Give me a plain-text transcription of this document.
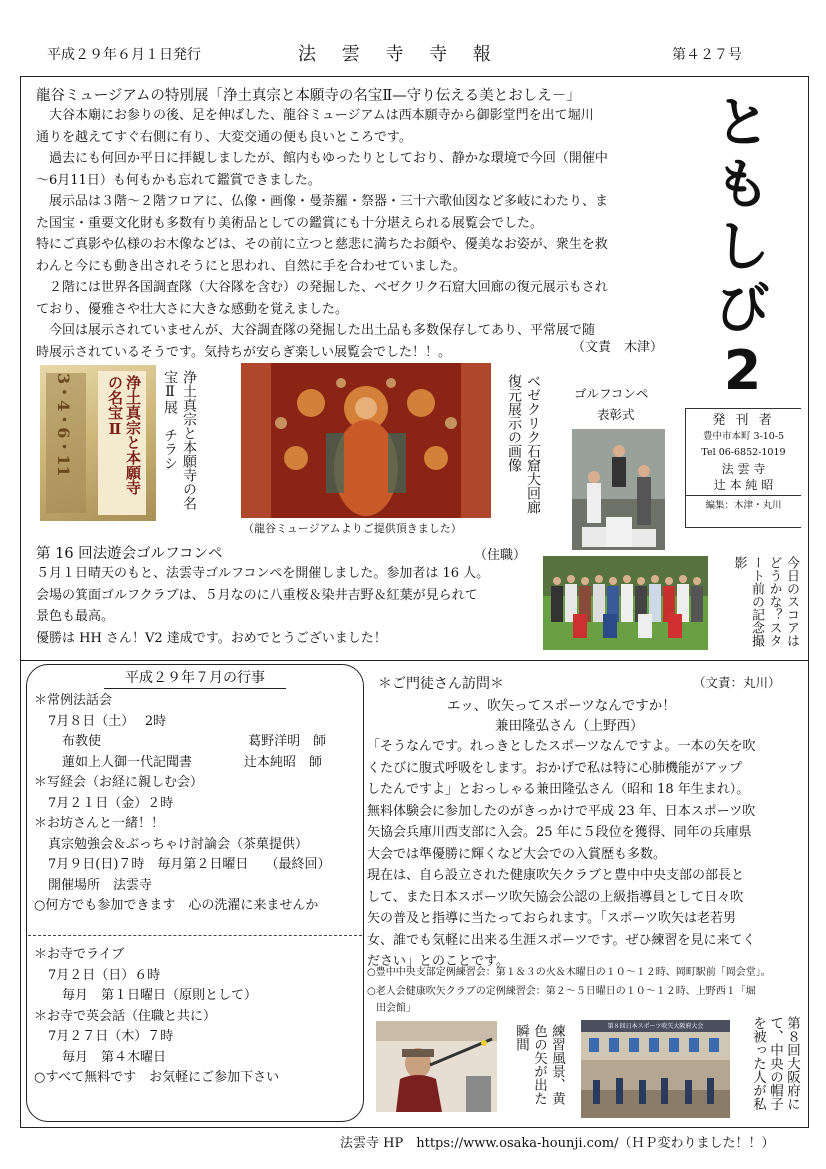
平成２９年６月１日発行	法 雲 寺 寺 報	第４２７号
と
も
し
び
2
発 刊 者
豊中市本町 3-10-5
Tel 06-6852-1019
法 雲 寺
辻 本 純 昭
編集：木津・丸川
龍谷ミュージアムの特別展「浄土真宗と本願寺の名宝Ⅱ—守り伝える美とおしえ－」
　大谷本廟にお参りの後、足を伸ばした、龍谷ミュージアムは西本願寺から御影堂門を出て堀川
通りを越えてすぐ右側に有り、大変交通の便も良いところです。
　過去にも何回か平日に拝観しましたが、館内もゆったりとしており、静かな環境で今回（開催中
～6月11日）も何もかも忘れて鑑賞できました。
　展示品は３階～２階フロアに、仏像・画像・曼荼羅・祭器・三十六歌仙図など多岐にわたり、ま
た国宝・重要文化財も多数有り美術品としての鑑賞にも十分堪えられる展覧会でした。
特にご真影や仏様のお木像などは、その前に立つと慈悲に満ちたお顔や、優美なお姿が、衆生を救
わんと今にも動き出されそうにと思われ、自然に手を合わせていました。
　２階には世界各国調査隊（大谷隊を含む）の発掘した、ベゼクリク石窟大回廊の復元展示もされ
ており、優雅さや壮大さに大きな感動を覚えました。
　今回は展示されていませんが、大谷調査隊の発掘した出土品も多数保存してあり、平常展で随
時展示されているそうです。気持ちが安らぎ楽しい展覧会でした！！。	（文責　木津）
3・4・6・11	浄土真宗と本願寺の名宝Ⅱ	浄土真宗と本願寺の名宝Ⅱ展　チラシ
（龍谷ミュージアムよりご提供頂きました）
ベゼクリク石窟大回廊復元展示の画像	ゴルフコンペ
表彰式
第 16 回法遊会ゴルフコンペ	（住職）
５月１日晴天のもと、法雲寺ゴルフコンペを開催しました。参加者は 16 人。
会場の箕面ゴルフクラブは、５月なのに八重桜＆染井吉野＆紅葉が見られて
景色も最高。
優勝は HH さん！V2 達成です。おめでとうございました！	今日のスコアはどうかな？スタート前の記念撮影
平成２９年７月の行事
＊常例法話会
7月８日（土）　 2時
布教使　　　　　　　　　　　 葛野洋明　師
蓮如上人御一代記聞書　　　　辻本純昭　師
＊写経会（お経に親しむ会）
7月２１日（金）２時
＊お坊さんと一緒！！
真宗勉強会＆ぶっちゃけ討論会（茶菓提供）
7月９日(日)７時　毎月第２日曜日　 （最終回）
開催場所　法雲寺
○何方でも参加できます　心の洗濯に来ませんか
＊お寺でライブ
7月２日（日）６時
毎月　第１日曜日（原則として）
＊お寺で英会話（住職と共に）
7月２７日（木）７時
毎月　第４木曜日
○すべて無料です　お気軽にご参加下さい
＊ご門徒さん訪問＊	（文責：丸川）
エッ、吹矢ってスポーツなんですか！
兼田隆弘さん（上野西）
「そうなんです。れっきとしたスポーツなんですよ。一本の矢を吹
くたびに腹式呼吸をします。おかげで私は特に心肺機能がアップ
したんですよ」とおっしゃる兼田隆弘さん（昭和 18 年生まれ）。
無料体験会に参加したのがきっかけで平成 23 年、日本スポーツ吹
矢協会兵庫川西支部に入会。25 年に５段位を獲得、同年の兵庫県
大会では準優勝に輝くなど大会での入賞歴も多数。
現在は、自ら設立された健康吹矢クラブと豊中中央支部の部長と
して、また日本スポーツ吹矢協会公認の上級指導員として日々吹
矢の普及と指導に当たっておられます。「スポーツ吹矢は老若男
女、誰でも気軽に出来る生涯スポーツです。ぜひ練習を見に来てく
ださい」とのことです。
○豊中中央支部定例練習会：第１＆３の火＆木曜日の１０～１２時、岡町駅前「岡会堂」。
○老人会健康吹矢クラブの定例練習会：第２～５日曜日の１０～１２時、上野西１「堀
田会館」
練習風景、黄色の矢が出た瞬間	第８回日本スポーツ吹矢大阪府大会	第８回大阪府にて、中央の帽子を被った人が私
法雲寺 HP　https://www.osaka-hounji.com/（ＨＰ変わりました！！）
